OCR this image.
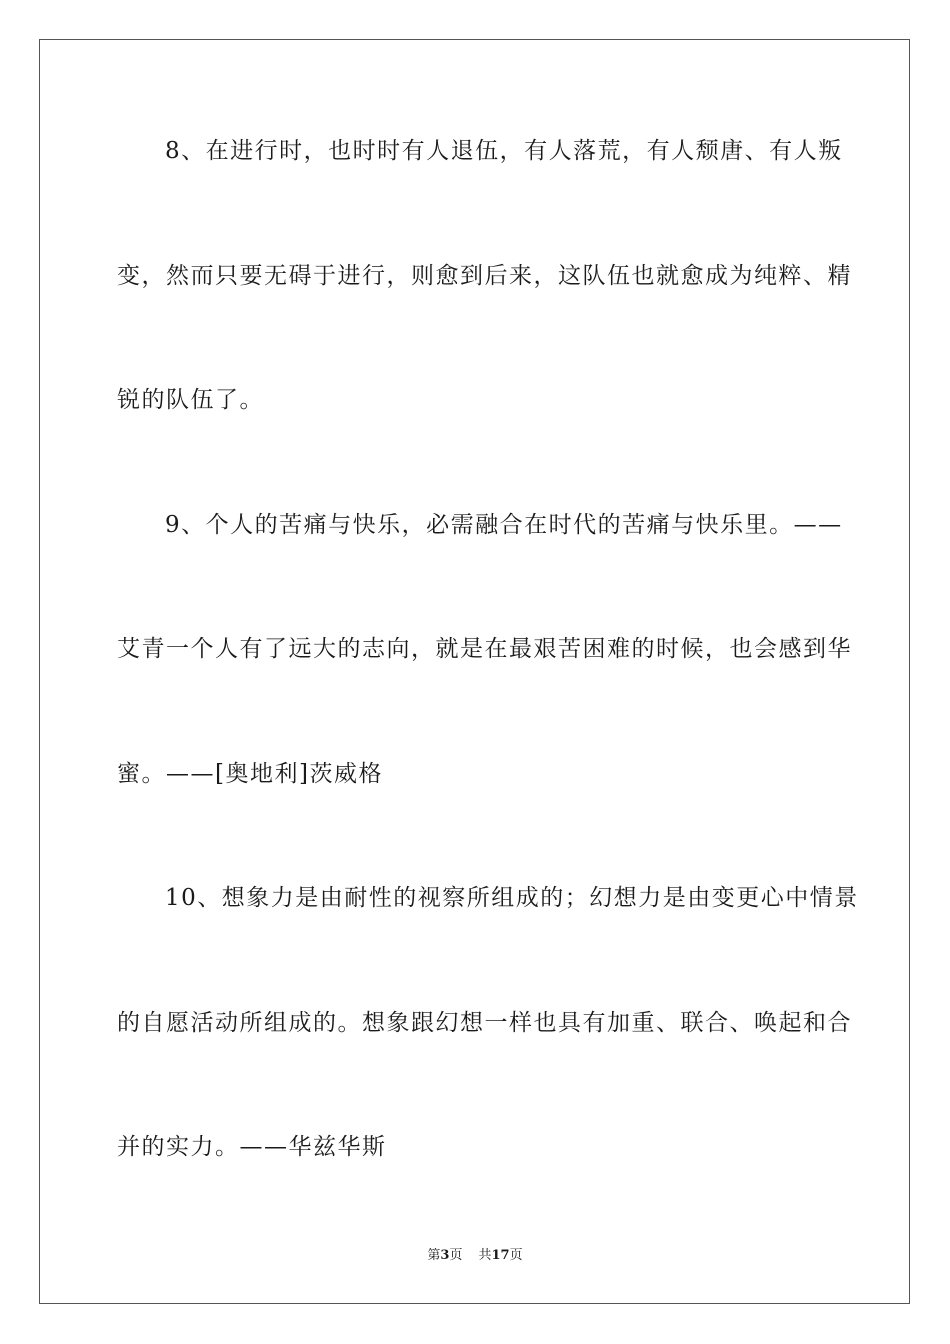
8、在进行时，也时时有人退伍，有人落荒，有人颓唐、有人叛
变，然而只要无碍于进行，则愈到后来，这队伍也就愈成为纯粹、精
锐的队伍了。
9、个人的苦痛与快乐，必需融合在时代的苦痛与快乐里。——
艾青一个人有了远大的志向，就是在最艰苦困难的时候，也会感到华
蜜。——[奥地利]茨威格
10、想象力是由耐性的视察所组成的；幻想力是由变更心中情景
的自愿活动所组成的。想象跟幻想一样也具有加重、联合、唤起和合
并的实力。——华兹华斯
第3页 共17页
